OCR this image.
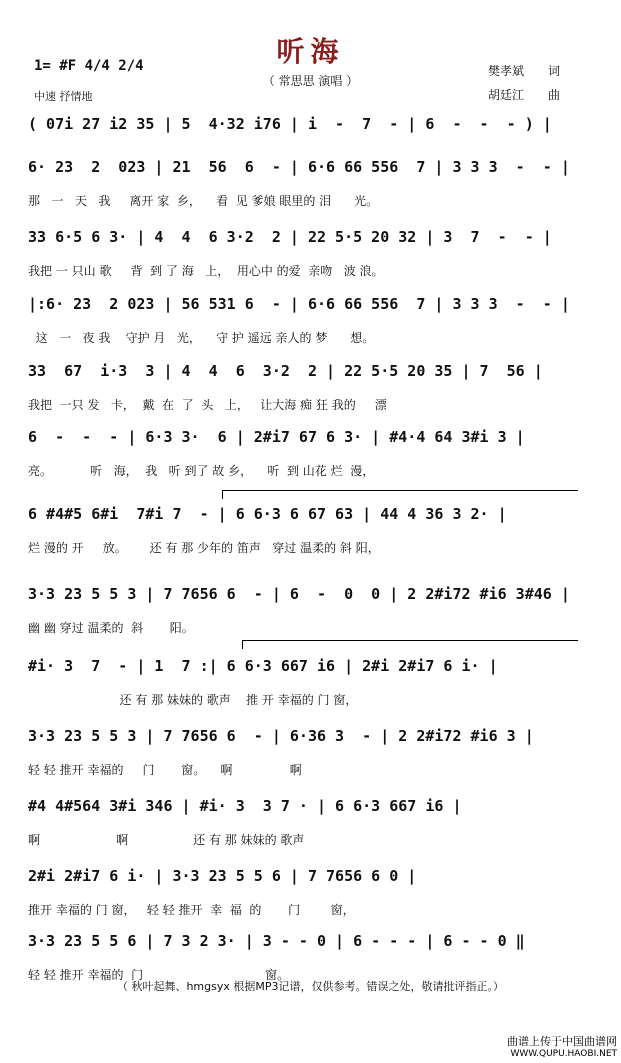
听海
（ 常思思 演唱 ）
1= #F 4/4 2/4
中速 抒情地
樊孝斌 词
胡廷江 曲
( 07i 27 i2 35 | 5  4·32 i76 | i  -  7  - | 6  -  -  - ) |
6· 23  2  023 | 21  56  6  - | 6·6 66 556  7 | 3 3 3  -  - |
那   一   天   我     离开 家  乡，    看  见 爹娘 眼里的 泪      光。
33 6·5 6 3· | 4  4  6 3·2  2 | 22 5·5 20 32 | 3  7  -  - |
我把 一 只山 歌     背  到 了 海   上，  用心中 的爱  亲吻   波 浪。
|:6· 23  2 023 | 56 531 6  - | 6·6 66 556  7 | 3 3 3  -  - |
这   一   夜 我    守护 月   光，    守 护 遥远 亲人的 梦      想。
33  67  i·3  3 | 4  4  6  3·2  2 | 22 5·5 20 35 | 7  56 |
我把  一只 发   卡，  戴  在  了  头   上，   让大海 痴 狂 我的     漂
6  -  -  - | 6·3 3·  6 | 2#i7 67 6 3· | #4·4 64 3#i 3 |
亮。          听   海，  我   听 到了 故 乡，    听  到 山花 烂  漫，
6 #4#5 6#i  7#i 7  - | 6 6·3 6 67 63 | 44 4 36 3 2· |
烂 漫的 开     放。      还 有 那 少年的 笛声   穿过 温柔的 斜 阳，
3·3 23 5 5 3 | 7 7656 6  - | 6  -  0  0 | 2 2#i72 #i6 3#46 |
幽 幽 穿过 温柔的  斜       阳。
#i· 3  7  - | 1  7 :| 6 6·3 667 i6 | 2#i 2#i7 6 i· |
还 有 那 妹妹的 歌声    推 开 幸福的 门 窗，
3·3 23 5 5 3 | 7 7656 6  - | 6·36 3  - | 2 2#i72 #i6 3 |
轻 轻 推开 幸福的     门       窗。    啊               啊
#4 4#564 3#i 346 | #i· 3  3 7 · | 6 6·3 667 i6 |
啊                    啊                 还 有 那 妹妹的 歌声
2#i 2#i7 6 i· | 3·3 23 5 5 6 | 7 7656 6 0 |
推开 幸福的 门 窗，   轻 轻 推开  幸  福  的       门        窗，
3·3 23 5 5 6 | 7 3 2 3· | 3 - - 0 | 6 - - - | 6 - - 0 ‖
轻 轻 推开 幸福的  门                                窗。
（ 秋叶起舞、hmgsyx 根据MP3记谱，仅供参考。错误之处，敬请批评指正。）
曲谱上传于中国曲谱网
WWW.QUPU.HAOBI.NET
